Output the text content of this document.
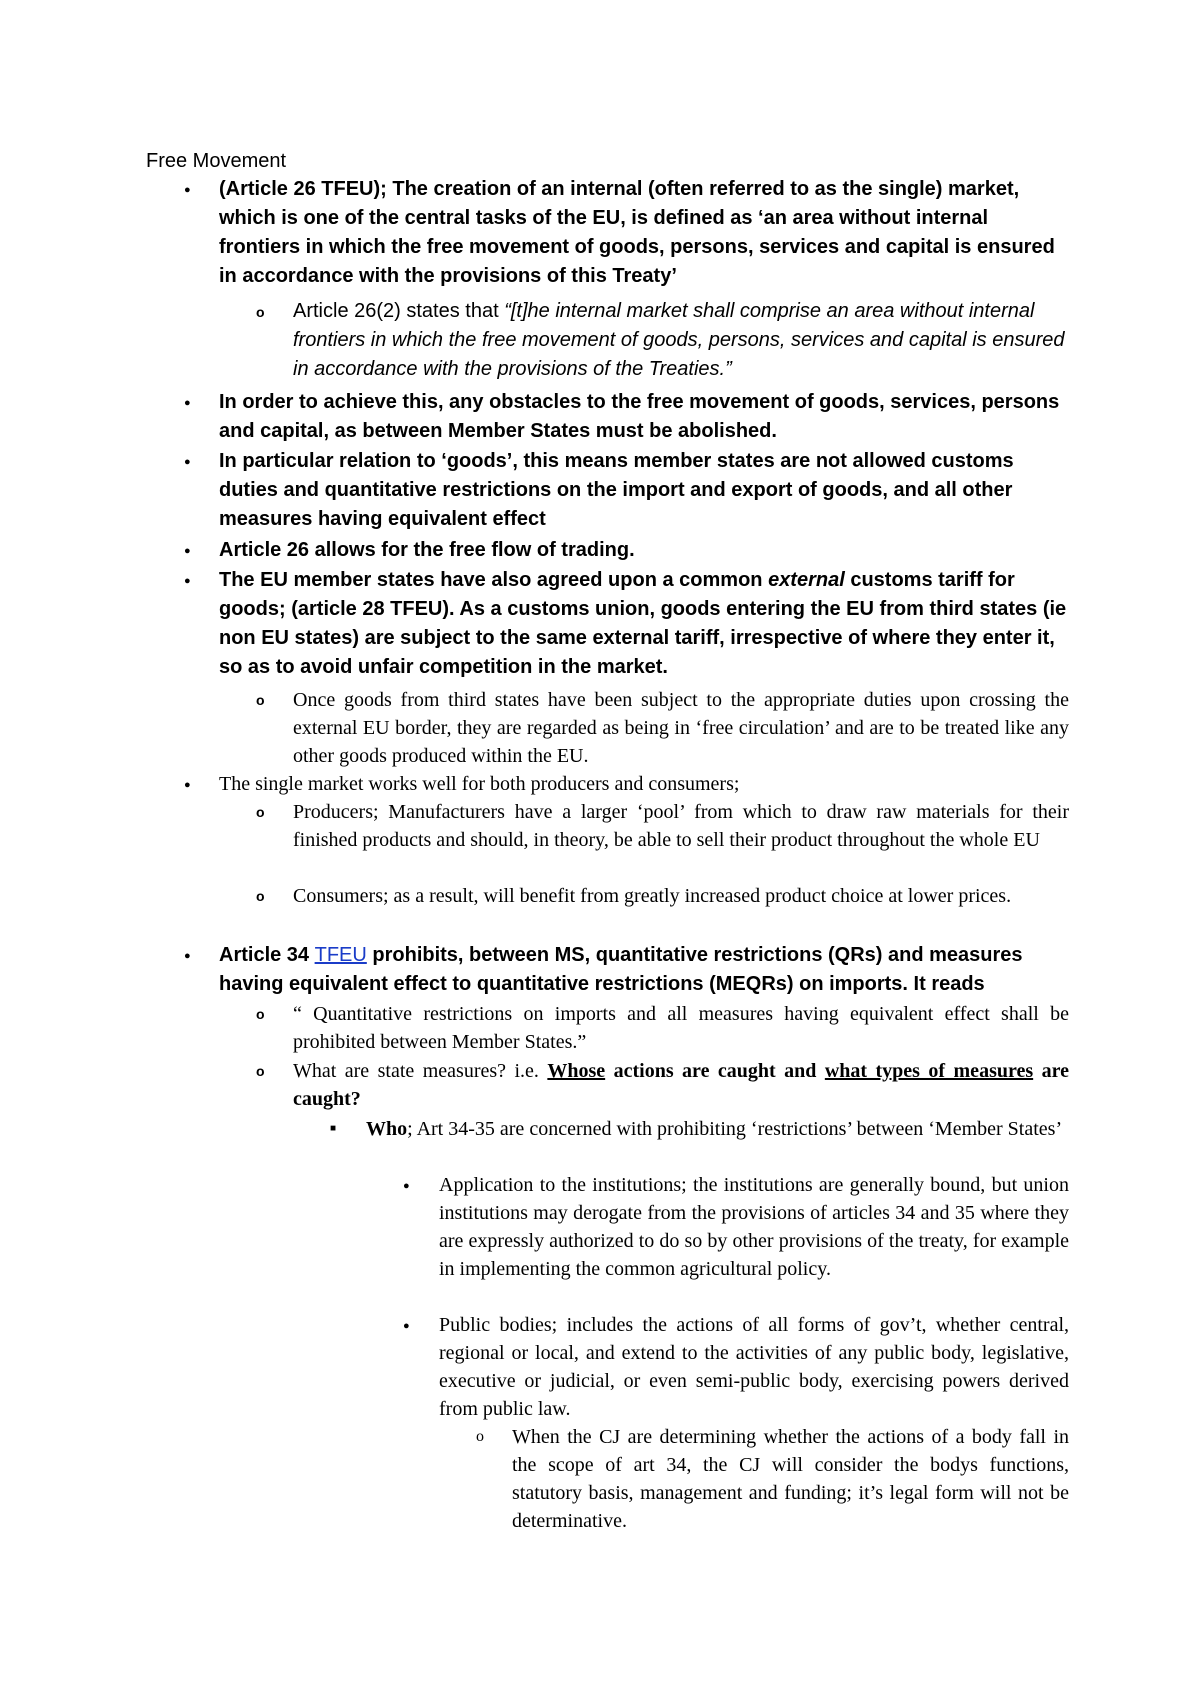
Free Movement
●

(Article 26 TFEU); The creation of an internal (often referred to as the single) market, which is one of the central tasks of the EU, is defined as ‘an area without internal frontiers in which the free movement of goods, persons, services and capital is ensured in accordance with the provisions of this Treaty’

o Article 26(2) states that “[t]he internal market shall comprise an area without internal frontiers in which the free movement of goods, persons, services and capital is ensured in accordance with the provisions of the Treaties.”

●

In order to achieve this, any obstacles to the free movement of goods, services, persons and capital, as between Member States must be abolished.

●

In particular relation to ‘goods’, this means member states are not allowed customs duties and quantitative restrictions on the import and export of goods, and all other measures having equivalent effect

●

Article 26 allows for the free flow of trading.

●

The EU member states have also agreed upon a common external customs tariff for goods; (article 28 TFEU). As a customs union, goods entering the EU from third states (ie non EU states) are subject to the same external tariff, irrespective of where they enter it, so as to avoid unfair competition in the market.

o Once goods from third states have been subject to the appropriate duties upon crossing the external EU border, they are regarded as being in ‘free circulation’ and are to be treated like any other goods produced within the EU.

●

The single market works well for both producers and consumers;

o Producers; Manufacturers have a larger ‘pool’ from which to draw raw materials for their finished products and should, in theory, be able to sell their product throughout the whole EU

o Consumers; as a result, will benefit from greatly increased product choice at lower prices.

●

Article 34 TFEU prohibits, between MS, quantitative restrictions (QRs) and measures having equivalent effect to quantitative restrictions (MEQRs) on imports. It reads

o “ Quantitative restrictions on imports and all measures having equivalent effect shall be prohibited between Member States.”

o What are state measures? i.e. Whose actions are caught and what types of measures are caught?

■ Who; Art 34-35 are concerned with prohibiting ‘restrictions’ between ‘Member States’

●

Application to the institutions; the institutions are generally bound, but union institutions may derogate from the provisions of articles 34 and 35 where they are expressly authorized to do so by other provisions of the treaty, for example in implementing the common agricultural policy.

●

Public bodies; includes the actions of all forms of gov’t, whether central, regional or local, and extend to the activities of any public body, legislative, executive or judicial, or even semi-public body, exercising powers derived from public law.

o When the CJ are determining whether the actions of a body fall in the scope of art 34, the CJ will consider the bodys functions, statutory basis, management and funding; it’s legal form will not be determinative.
